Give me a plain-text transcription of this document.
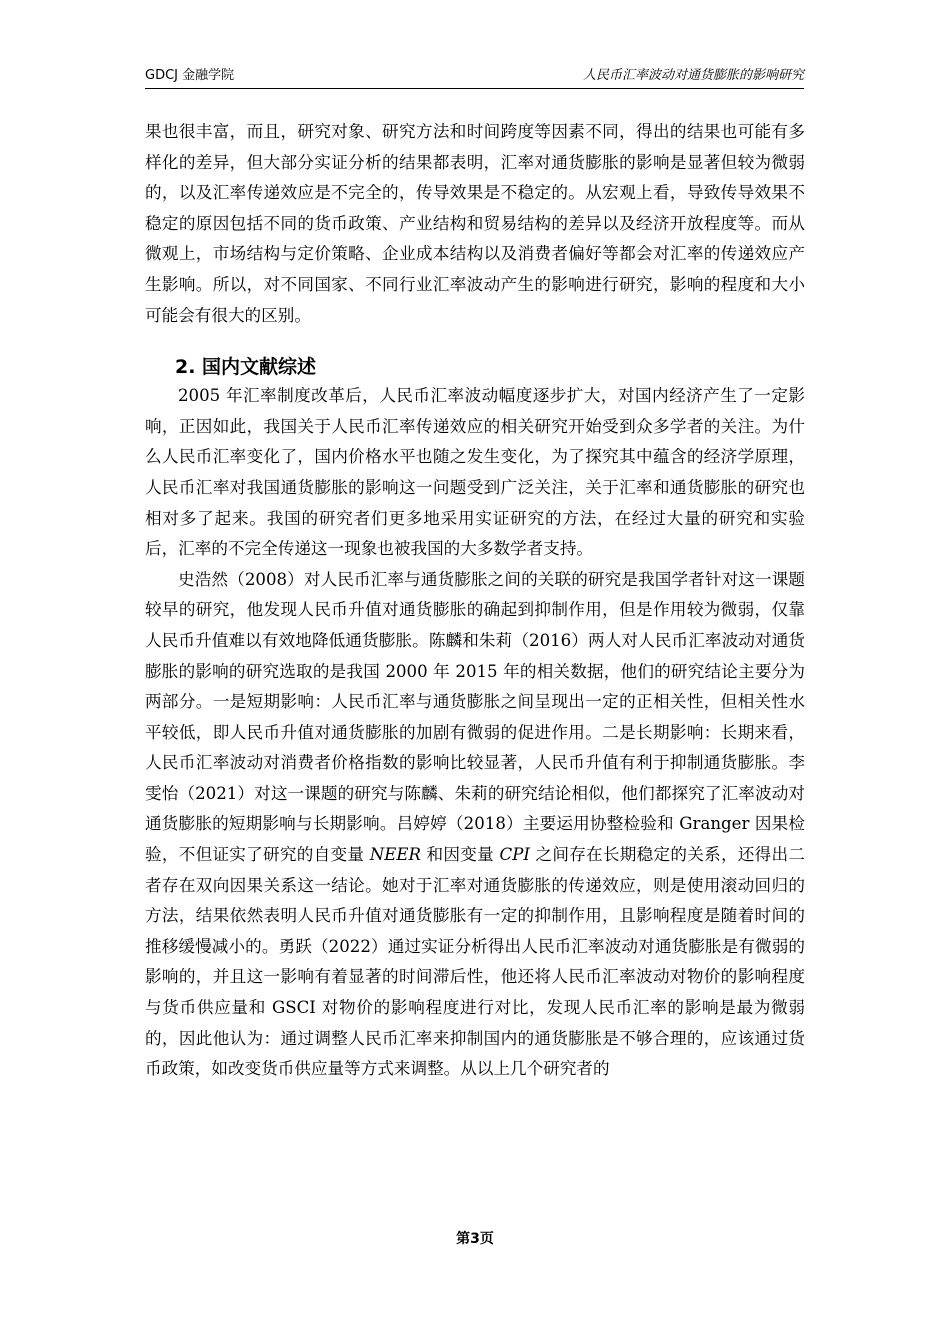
GDCJ 金融学院	人民币汇率波动对通货膨胀的影响研究

果也很丰富，而且，研究对象、研究方法和时间跨度等因素不同，得出的结果也可能有多样化的差异，但大部分实证分析的结果都表明，汇率对通货膨胀的影响是显著但较为微弱的，以及汇率传递效应是不完全的，传导效果是不稳定的。从宏观上看，导致传导效果不稳定的原因包括不同的货币政策、产业结构和贸易结构的差异以及经济开放程度等。而从微观上，市场结构与定价策略、企业成本结构以及消费者偏好等都会对汇率的传递效应产生影响。所以，对不同国家、不同行业汇率波动产生的影响进行研究，影响的程度和大小可能会有很大的区别。

2. 国内文献综述

2005 年汇率制度改革后，人民币汇率波动幅度逐步扩大，对国内经济产生了一定影响，正因如此，我国关于人民币汇率传递效应的相关研究开始受到众多学者的关注。为什么人民币汇率变化了，国内价格水平也随之发生变化，为了探究其中蕴含的经济学原理，人民币汇率对我国通货膨胀的影响这一问题受到广泛关注，关于汇率和通货膨胀的研究也相对多了起来。我国的研究者们更多地采用实证研究的方法，在经过大量的研究和实验后，汇率的不完全传递这一现象也被我国的大多数学者支持。

史浩然（2008）对人民币汇率与通货膨胀之间的关联的研究是我国学者针对这一课题较早的研究，他发现人民币升值对通货膨胀的确起到抑制作用，但是作用较为微弱，仅靠人民币升值难以有效地降低通货膨胀。陈麟和朱莉（2016）两人对人民币汇率波动对通货膨胀的影响的研究选取的是我国 2000 年 2015 年的相关数据，他们的研究结论主要分为两部分。一是短期影响：人民币汇率与通货膨胀之间呈现出一定的正相关性，但相关性水平较低，即人民币升值对通货膨胀的加剧有微弱的促进作用。二是长期影响：长期来看，人民币汇率波动对消费者价格指数的影响比较显著，人民币升值有利于抑制通货膨胀。李雯怡（2021）对这一课题的研究与陈麟、朱莉的研究结论相似，他们都探究了汇率波动对通货膨胀的短期影响与长期影响。吕婷婷（2018）主要运用协整检验和 Granger 因果检验，不但证实了研究的自变量 NEER 和因变量 CPI 之间存在长期稳定的关系，还得出二者存在双向因果关系这一结论。她对于汇率对通货膨胀的传递效应，则是使用滚动回归的方法，结果依然表明人民币升值对通货膨胀有一定的抑制作用，且影响程度是随着时间的推移缓慢减小的。勇跃（2022）通过实证分析得出人民币汇率波动对通货膨胀是有微弱的影响的，并且这一影响有着显著的时间滞后性，他还将人民币汇率波动对物价的影响程度与货币供应量和 GSCI 对物价的影响程度进行对比，发现人民币汇率的影响是最为微弱的，因此他认为：通过调整人民币汇率来抑制国内的通货膨胀是不够合理的，应该通过货币政策，如改变货币供应量等方式来调整。从以上几个研究者的

第3页
